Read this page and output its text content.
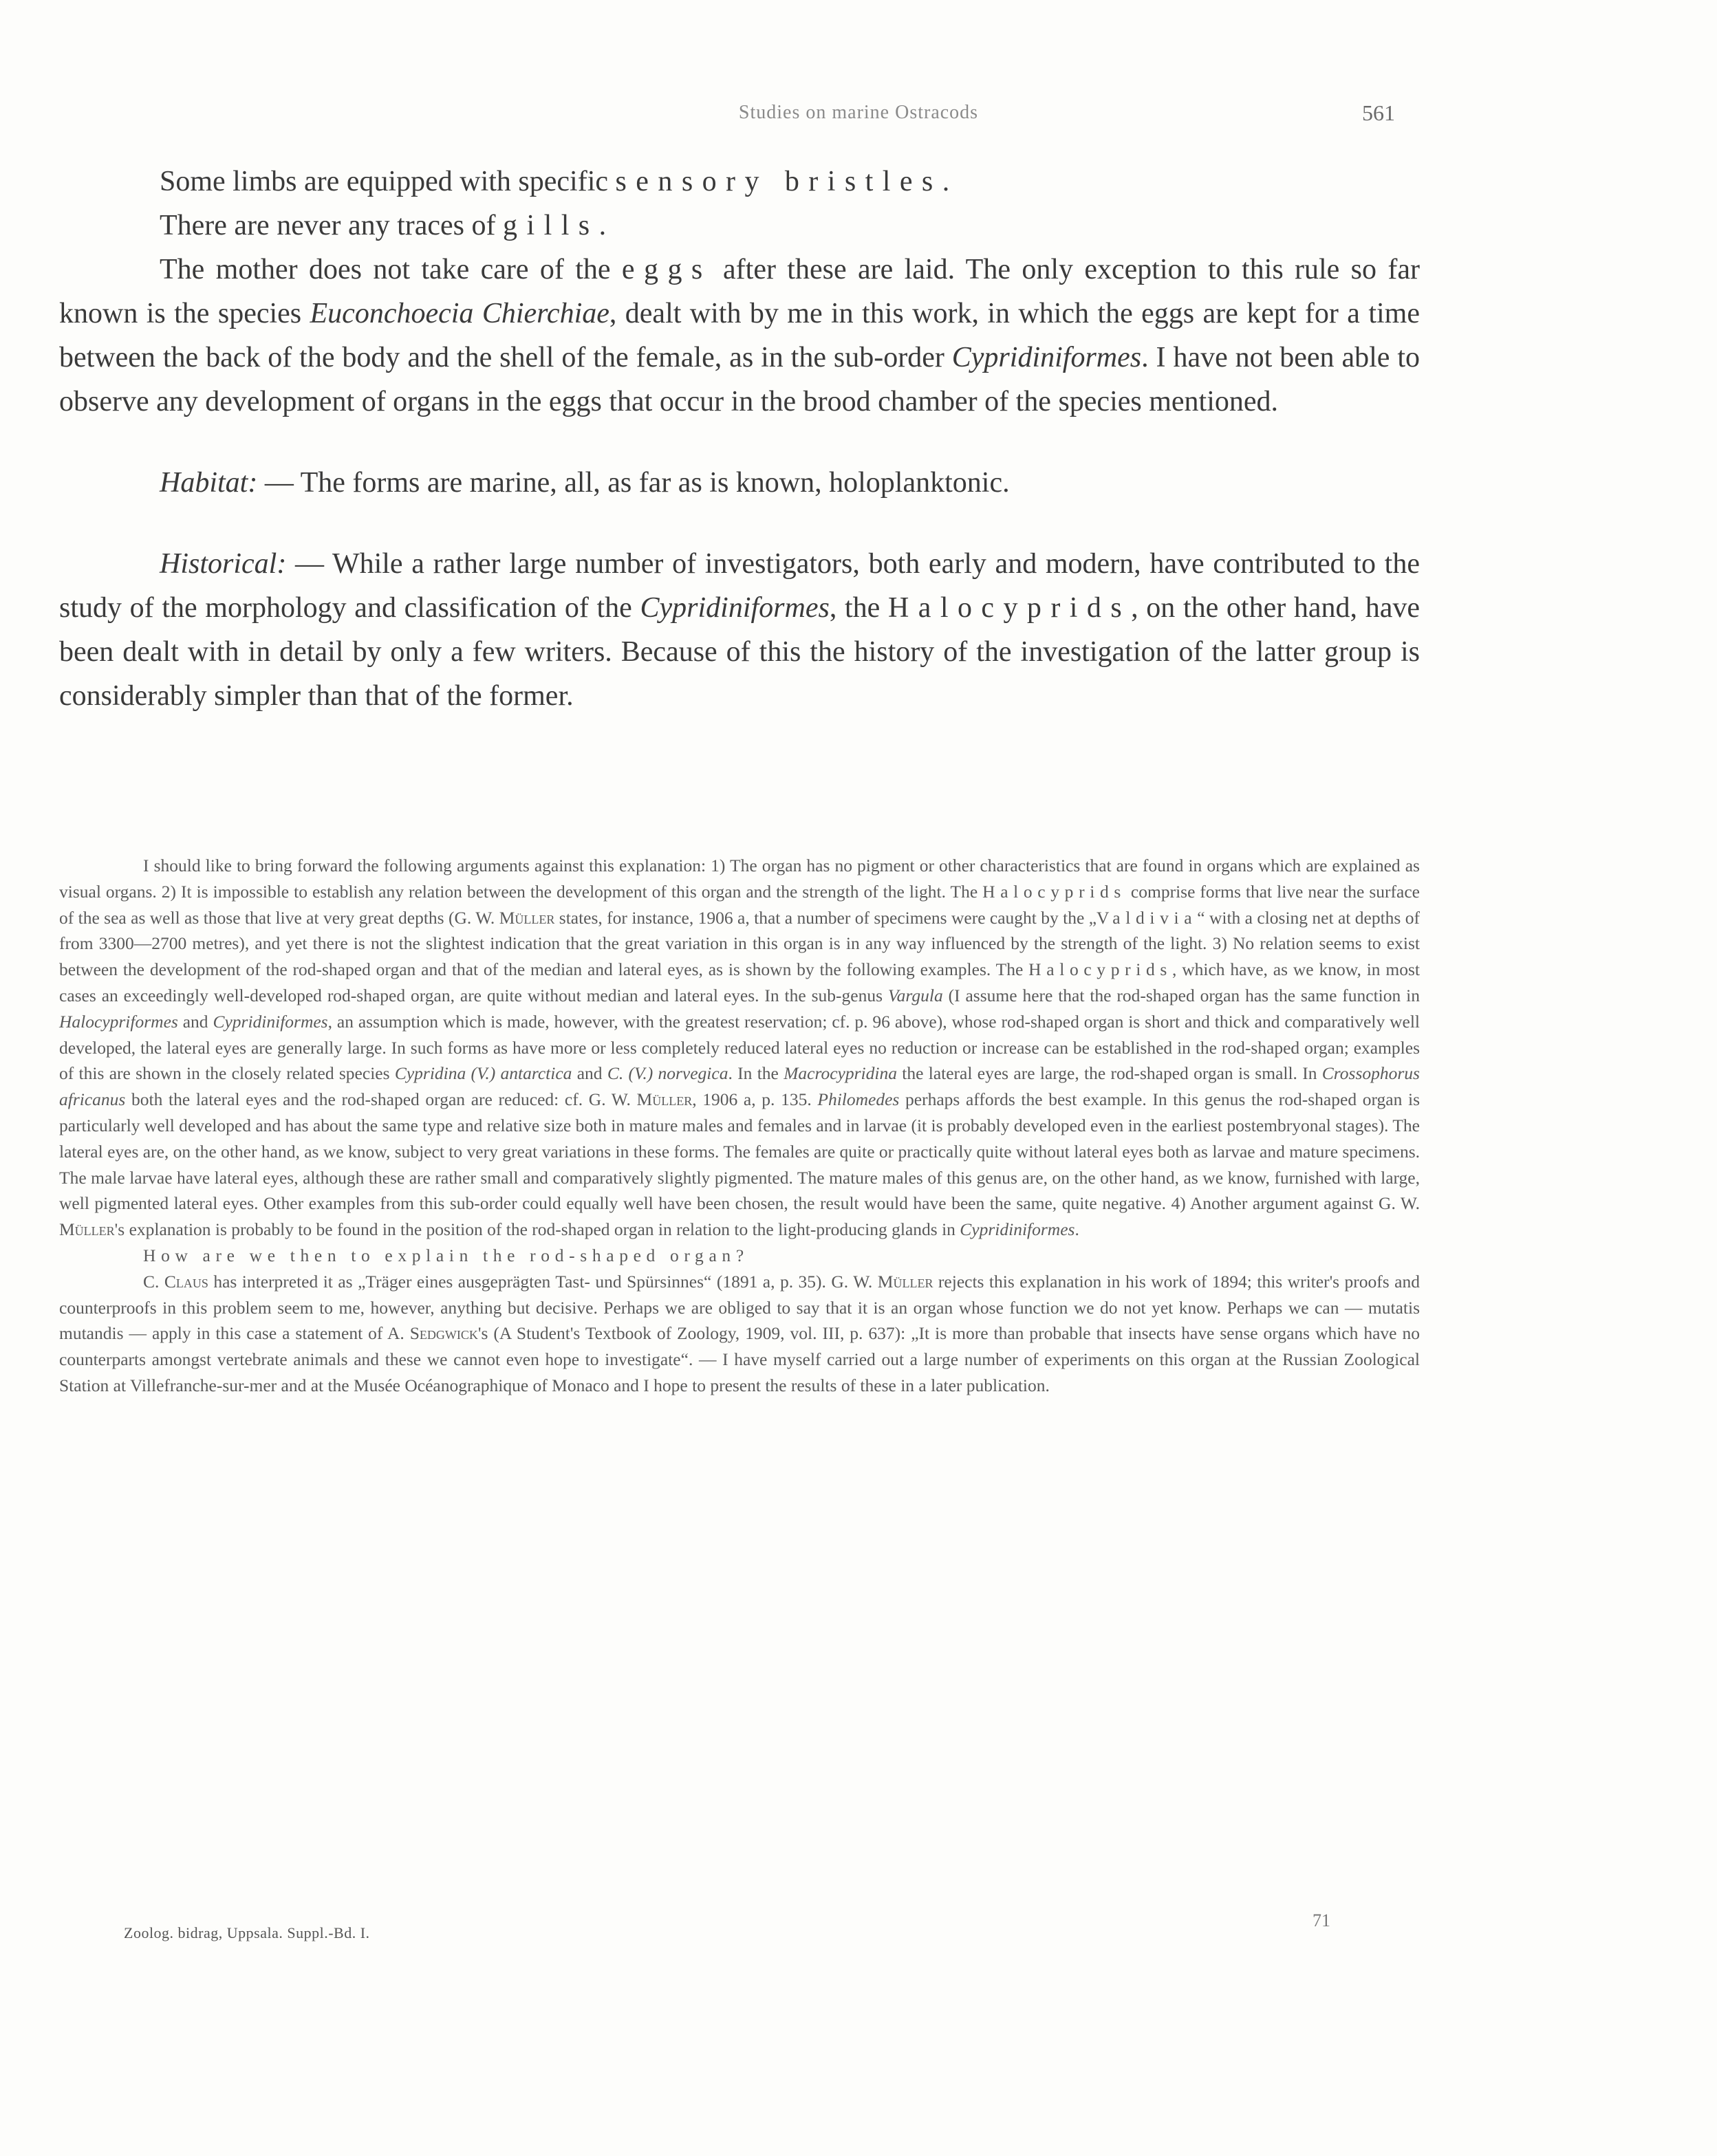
Studies on marine Ostracods	561

Some limbs are equipped with specific sensory bristles.

There are never any traces of gills.

The mother does not take care of the eggs after these are laid. The only exception to this rule so far known is the species Euconchoecia Chierchiae, dealt with by me in this work, in which the eggs are kept for a time between the back of the body and the shell of the female, as in the sub-order Cypridiniformes. I have not been able to observe any development of organs in the eggs that occur in the brood chamber of the species mentioned.

Habitat: — The forms are marine, all, as far as is known, holoplanktonic.

Historical: — While a rather large number of investigators, both early and modern, have contributed to the study of the morphology and classification of the Cypridiniformes, the Halocyprids, on the other hand, have been dealt with in detail by only a few writers. Because of this the history of the investigation of the latter group is considerably simpler than that of the former.

I should like to bring forward the following arguments against this explanation: 1) The organ has no pigment or other characteristics that are found in organs which are explained as visual organs. 2) It is impossible to establish any relation between the development of this organ and the strength of the light. The Halocyprids comprise forms that live near the surface of the sea as well as those that live at very great depths (G. W. Müller states, for instance, 1906 a, that a number of specimens were caught by the „Valdivia“ with a closing net at depths of from 3300—2700 metres), and yet there is not the slightest indication that the great variation in this organ is in any way influenced by the strength of the light. 3) No relation seems to exist between the development of the rod-shaped organ and that of the median and lateral eyes, as is shown by the following examples. The Halocyprids, which have, as we know, in most cases an exceedingly well-developed rod-shaped organ, are quite without median and lateral eyes. In the sub-genus Vargula (I assume here that the rod-shaped organ has the same function in Halocypriformes and Cypridiniformes, an assumption which is made, however, with the greatest reservation; cf. p. 96 above), whose rod-shaped organ is short and thick and comparatively well developed, the lateral eyes are generally large. In such forms as have more or less completely reduced lateral eyes no reduction or increase can be established in the rod-shaped organ; examples of this are shown in the closely related species Cypridina (V.) antarctica and C. (V.) norvegica. In the Macrocypridina the lateral eyes are large, the rod-shaped organ is small. In Crossophorus africanus both the lateral eyes and the rod-shaped organ are reduced: cf. G. W. Müller, 1906 a, p. 135. Philomedes perhaps affords the best example. In this genus the rod-shaped organ is particularly well developed and has about the same type and relative size both in mature males and females and in larvae (it is probably developed even in the earliest postembryonal stages). The lateral eyes are, on the other hand, as we know, subject to very great variations in these forms. The females are quite or practically quite without lateral eyes both as larvae and mature specimens. The male larvae have lateral eyes, although these are rather small and comparatively slightly pigmented. The mature males of this genus are, on the other hand, as we know, furnished with large, well pigmented lateral eyes. Other examples from this sub-order could equally well have been chosen, the result would have been the same, quite negative. 4) Another argument against G. W. Müller's explanation is probably to be found in the position of the rod-shaped organ in relation to the light-producing glands in Cypridiniformes.

How are we then to explain the rod-shaped organ?

C. Claus has interpreted it as „Träger eines ausgeprägten Tast- und Spürsinnes“ (1891 a, p. 35). G. W. Müller rejects this explanation in his work of 1894; this writer's proofs and counterproofs in this problem seem to me, however, anything but decisive. Perhaps we are obliged to say that it is an organ whose function we do not yet know. Perhaps we can — mutatis mutandis — apply in this case a statement of A. Sedgwick's (A Student's Textbook of Zoology, 1909, vol. III, p. 637): „It is more than probable that insects have sense organs which have no counterparts amongst vertebrate animals and these we cannot even hope to investigate“. — I have myself carried out a large number of experiments on this organ at the Russian Zoological Station at Villefranche-sur-mer and at the Musée Océanographique of Monaco and I hope to present the results of these in a later publication.

Zoolog. bidrag, Uppsala. Suppl.-Bd. I.
71
